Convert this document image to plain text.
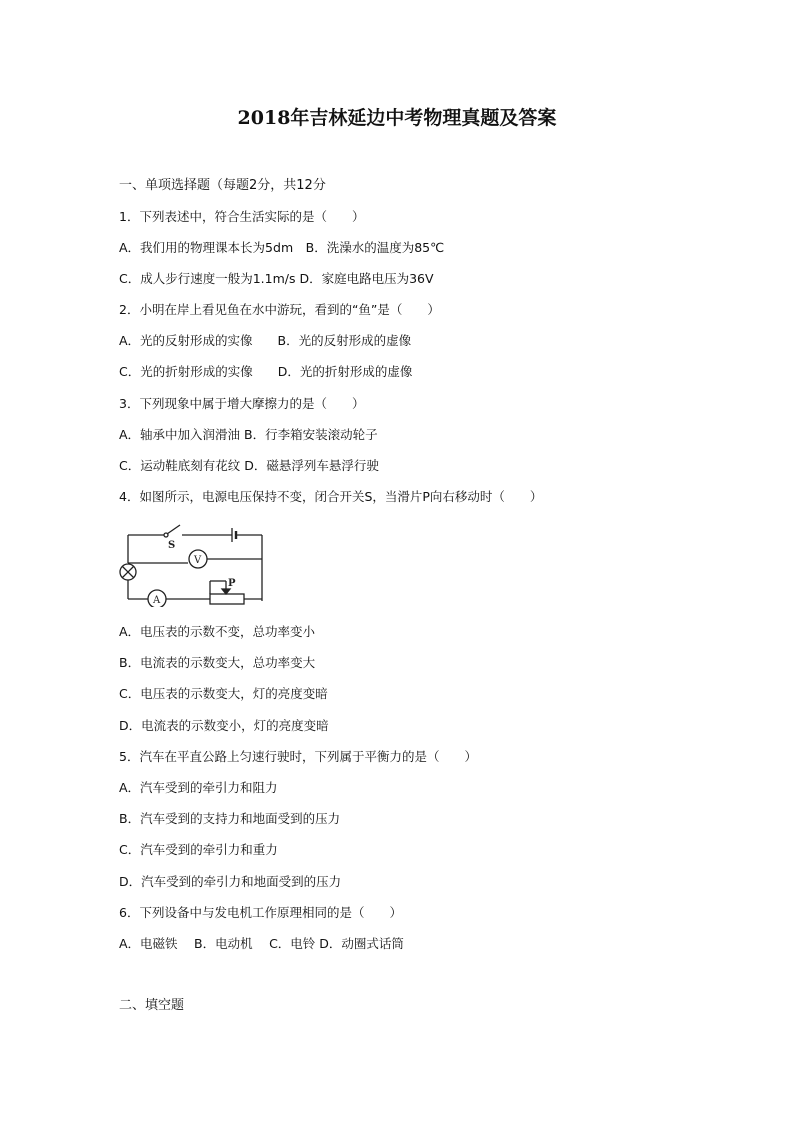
2018年吉林延边中考物理真题及答案
一、单项选择题（每题2分，共12分
1．下列表述中，符合生活实际的是（　　）
A．我们用的物理课本长为5dm　B．洗澡水的温度为85℃
C．成人步行速度一般为1.1m/s D．家庭电路电压为36V
2．小明在岸上看见鱼在水中游玩，看到的“鱼”是（　　）
A．光的反射形成的实像　　B．光的反射形成的虚像
C．光的折射形成的实像　　D．光的折射形成的虚像
3．下列现象中属于增大摩擦力的是（　　）
A．轴承中加入润滑油 B．行李箱安装滚动轮子
C．运动鞋底刻有花纹 D．磁悬浮列车悬浮行驶
4．如图所示，电源电压保持不变，闭合开关S，当滑片P向右移动时（　　）
S
V
A
P
A．电压表的示数不变，总功率变小
B．电流表的示数变大，总功率变大
C．电压表的示数变大，灯的亮度变暗
D．电流表的示数变小，灯的亮度变暗
5．汽车在平直公路上匀速行驶时，下列属于平衡力的是（　　）
A．汽车受到的牵引力和阻力
B．汽车受到的支持力和地面受到的压力
C．汽车受到的牵引力和重力
D．汽车受到的牵引力和地面受到的压力
6．下列设备中与发电机工作原理相同的是（　　）
A．电磁铁　 B．电动机　 C．电铃 D．动圈式话筒
二、填空题
